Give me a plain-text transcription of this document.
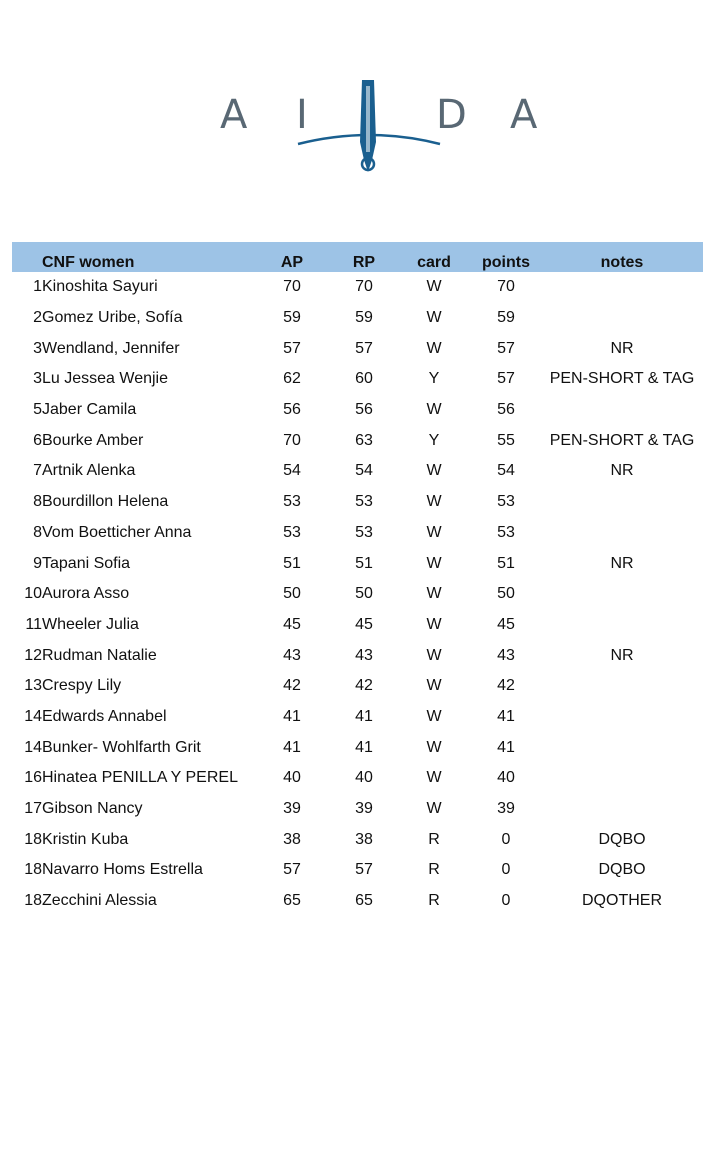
A I	D A
CNF women	AP	RP	card	points	notes
1 Kinoshita Sayuri	70	70	W	70
2 Gomez Uribe, Sofía	59	59	W	59
3 Wendland, Jennifer	57	57	W	57	NR
3 Lu Jessea Wenjie	62	60	Y	57	PEN-SHORT & TAG
5 Jaber Camila	56	56	W	56
6 Bourke Amber	70	63	Y	55	PEN-SHORT & TAG
7 Artnik Alenka	54	54	W	54	NR
8 Bourdillon Helena	53	53	W	53
8 Vom Boetticher Anna	53	53	W	53
9 Tapani Sofia	51	51	W	51	NR
10 Aurora Asso	50	50	W	50
11 Wheeler Julia	45	45	W	45
12 Rudman Natalie	43	43	W	43	NR
13 Crespy Lily	42	42	W	42
14 Edwards Annabel	41	41	W	41
14 Bunker- Wohlfarth Grit	41	41	W	41
16 Hinatea PENILLA Y PEREL	40	40	W	40
17 Gibson Nancy	39	39	W	39
18 Kristin Kuba	38	38	R	0	DQBO
18 Navarro Homs Estrella	57	57	R	0	DQBO
18 Zecchini Alessia	65	65	R	0	DQOTHER
